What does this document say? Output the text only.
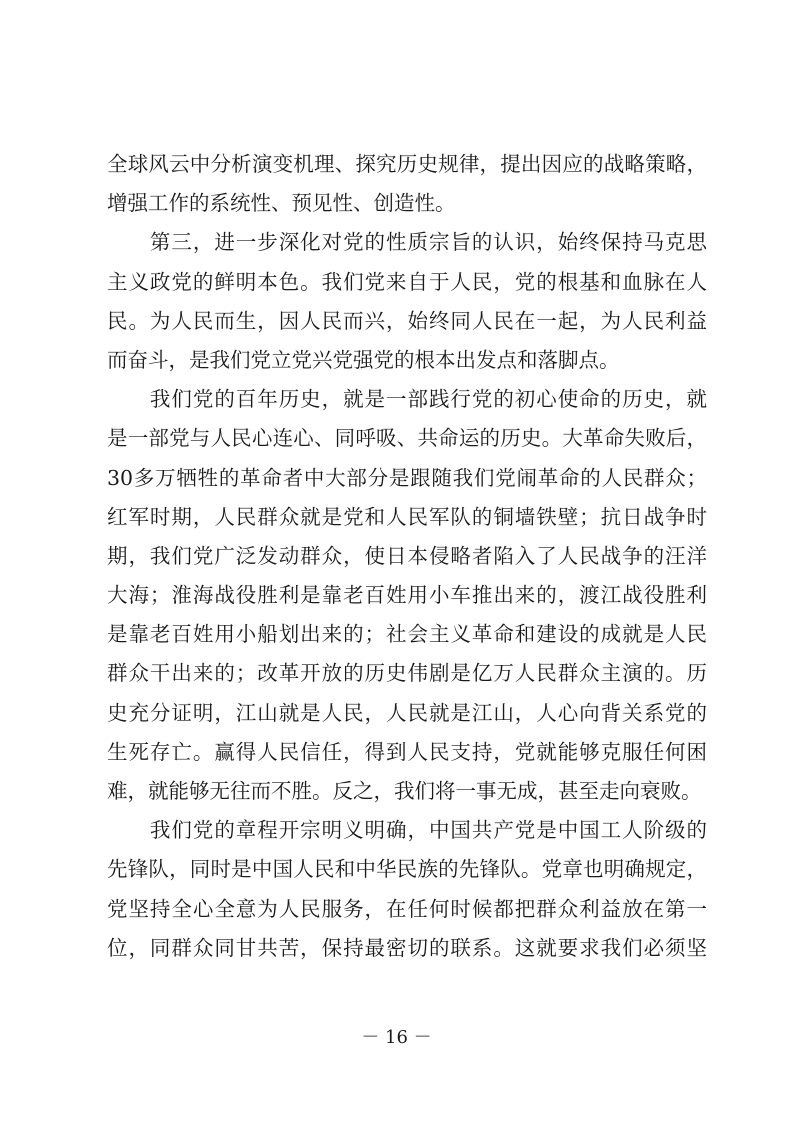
全球风云中分析演变机理、探究历史规律，提出因应的战略策略，
增强工作的系统性、预见性、创造性。
　　第三，进一步深化对党的性质宗旨的认识，始终保持马克思
主义政党的鲜明本色。我们党来自于人民，党的根基和血脉在人
民。为人民而生，因人民而兴，始终同人民在一起，为人民利益
而奋斗，是我们党立党兴党强党的根本出发点和落脚点。
　　我们党的百年历史，就是一部践行党的初心使命的历史，就
是一部党与人民心连心、同呼吸、共命运的历史。大革命失败后，
30多万牺牲的革命者中大部分是跟随我们党闹革命的人民群众；
红军时期，人民群众就是党和人民军队的铜墙铁壁；抗日战争时
期，我们党广泛发动群众，使日本侵略者陷入了人民战争的汪洋
大海；淮海战役胜利是靠老百姓用小车推出来的，渡江战役胜利
是靠老百姓用小船划出来的；社会主义革命和建设的成就是人民
群众干出来的；改革开放的历史伟剧是亿万人民群众主演的。历
史充分证明，江山就是人民，人民就是江山，人心向背关系党的
生死存亡。赢得人民信任，得到人民支持，党就能够克服任何困
难，就能够无往而不胜。反之，我们将一事无成，甚至走向衰败。
　　我们党的章程开宗明义明确，中国共产党是中国工人阶级的
先锋队，同时是中国人民和中华民族的先锋队。党章也明确规定，
党坚持全心全意为人民服务，在任何时候都把群众利益放在第一
位，同群众同甘共苦，保持最密切的联系。这就要求我们必须坚
－ 16 －
